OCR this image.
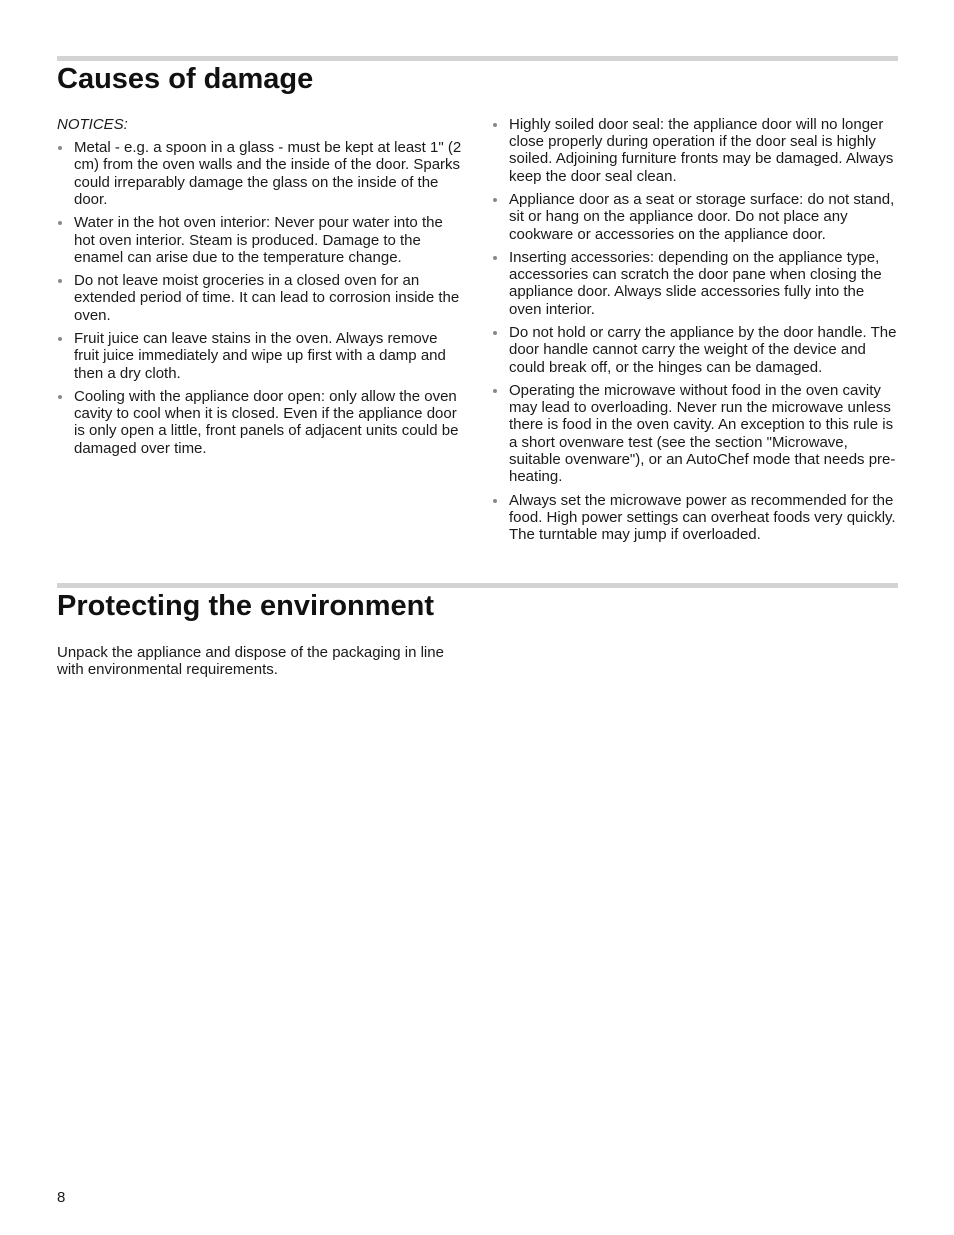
Causes of damage

NOTICES:

Metal - e.g. a spoon in a glass - must be kept at least 1" (2 cm) from the oven walls and the inside of the door. Sparks could irreparably damage the glass on the inside of the door.
Water in the hot oven interior: Never pour water into the hot oven interior. Steam is produced. Damage to the enamel can arise due to the temperature change.
Do not leave moist groceries in a closed oven for an extended period of time. It can lead to corrosion inside the oven.
Fruit juice can leave stains in the oven. Always remove fruit juice immediately and wipe up first with a damp and then a dry cloth.
Cooling with the appliance door open: only allow the oven cavity to cool when it is closed. Even if the appliance door is only open a little, front panels of adjacent units could be damaged over time.
Highly soiled door seal: the appliance door will no longer close properly during operation if the door seal is highly soiled. Adjoining furniture fronts may be damaged. Always keep the door seal clean.
Appliance door as a seat or storage surface: do not stand, sit or hang on the appliance door. Do not place any cookware or accessories on the appliance door.
Inserting accessories: depending on the appliance type, accessories can scratch the door pane when closing the appliance door. Always slide accessories fully into the oven interior.
Do not hold or carry the appliance by the door handle. The door handle cannot carry the weight of the device and could break off, or the hinges can be damaged.
Operating the microwave without food in the oven cavity may lead to overloading. Never run the microwave unless there is food in the oven cavity. An exception to this rule is a short ovenware test (see the section "Microwave, suitable ovenware"), or an AutoChef mode that needs pre-heating.
Always set the microwave power as recommended for the food. High power settings can overheat foods very quickly. The turntable may jump if overloaded.
Protecting the environment

Unpack the appliance and dispose of the packaging in line with environmental requirements.

8
